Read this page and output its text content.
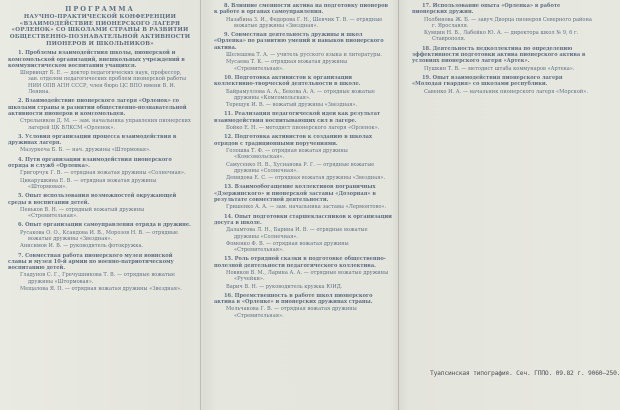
ПРОГРАММА
НАУЧНО-ПРАКТИЧЕСКОЙ КОНФЕРЕНЦИИ «ВЗАИМОДЕЙСТВИЕ ПИОНЕРСКОГО ЛАГЕРЯ «ОРЛЕНОК» СО ШКОЛАМИ СТРАНЫ В РАЗВИТИИ ОБЩЕСТВЕННО-ПОЗНАВАТЕЛЬНОЙ АКТИВНОСТИ ПИОНЕРОВ И ШКОЛЬНИКОВ»
1. Проблемы взаимодействия школы, пионерской и комсомольской организаций, внешкольных учреждений в коммунистическом воспитании учащихся.
Ширвиндт Б. Е. — доктор педагогических наук, профессор, зав. отделом педагогических проблем пионерской работы НИИ ОПВ АПН СССР, член бюро ЦС ВПО имени В. И. Ленина.
2. Взаимодействие пионерского лагеря «Орленок» со школами страны в развитии общественно-познавательной активности пионеров и комсомольцев.
Стрельников Д. М. — зам. начальника управления пионерских лагерей ЦК ВЛКСМ «Орленок».
3. Условия организации процесса взаимодействия в дружинах лагеря.
Мазуркеча Б. Б. — нач. дружины «Штормовая».
4. Пути организации взаимодействия пионерского отряда и служб «Орленка».
Григорчук Г. В. — отрядная вожатая дружины «Солнечная».
Цикарушкина Е. В. — отрядная вожатая дружины «Штормовая».
5. Опыт использования возможностей окружающей среды в воспитании детей.
Пеньков В. Н. — отрядный вожатый дружины «Стремительная».
6. Опыт организации самоуправления отряда в дружине.
Русакова О. О., Ксандова И. В., Морозов Н. В. — отрядные вожатые дружины «Звездная».
Анисимов И. В. — руководитель фотокружка.
7. Совместная работа пионерского музея воинской славы и музея 10-й армии по военно-патриотическому воспитанию детей.
Гладунов С. Г., Гречушникова Т. В. — отрядные вожатые дружины «Штормовая».
Мещалова Я. П. — отрядная вожатая дружины «Звездная».
8. Влияние сменности актива на подготовку пионеров к работе в органах самоуправления.
Назабина З. И., Федорова Г. Н., Шевчик Т. В. — отрядные вожатые дружины «Звездная».
9. Совместная деятельность дружины и школ «Орленка» по развитию умений и навыков пионерского актива.
Шелешова Т. А. — учитель русского языка и литературы.
Мусаева Т. К. — отрядная вожатая дружины «Стремительная».
10. Подготовка активистов к организации коллективно-творческой деятельности в школе.
Байрамуллова А. А., Бекова А. А. — отрядные вожатые дружины «Комсомольская».
Терещук И. В. — вожатый дружины «Звездная».
11. Реализация педагогической идеи как результат взаимодействия воспитывающих сил в лагере.
Бойко Е. Н. — методист пионерского лагеря «Орленок».
12. Подготовка активистов к созданию в школах отрядов с традиционными поручениями.
Голошва Т. Ф. — отрядная вожатая дружины «Комсомольская».
Самусенко Н. В., Хуснанова Р. Г. — отрядные вожатые дружины «Солнечная».
Демидова Е. С. — отрядная вожатая дружины «Звездная».
13. Взаимообогащение коллективов пограничных «Дзержинского» и пионерской заставы «Дозорная» в результате совместной деятельности.
Гришенко А. А. — зам. начальника заставы «Лермонтово».
14. Опыт подготовки старшеклассников к организации досуга в школе.
Даламтова Л. Н., Барина И. В. — отрядные вожатые дружины «Солнечная».
Фоменко Ф. В. — отрядная вожатая дружины «Стремительная».
15. Роль отрядной сказки в подготовке общественно-полезной деятельности педагогического коллектива.
Новиков В. М., Ларина А. А. — отрядные вожатые дружины «Ручейки».
Варич В. Н. — руководитель кружка ЮИД.
16. Преемственность в работе школ пионерского актива в «Орленке» и пионерских дружинах страны.
Мельчакова Г. В. — отрядная вожатая дружины «Стремительная».
17. Использование опыта «Орленка» в работе пионерских дружин.
Полбинова Ж. Б. — завуч Дворца пионеров Северного района г. Ярославля.
Кумцин Н. В., Лабейко Ю. А. — директора школ № 9, 6 г. Ставрополя.
18. Деятельность педколлектива по определению эффективности подготовки актива пионерского актива в условиях пионерского лагеря «Артек».
Пушкин Т. В. — методист штаба коммунаров «Артека».
19. Опыт взаимодействия пионерского лагеря «Молодая гвардия» со школами республики.
Савенко И. А. — начальник пионерского лагеря «Морской».
Туапсинская типография. Сеч. ГППО. 09.82 г. 9060—250.
